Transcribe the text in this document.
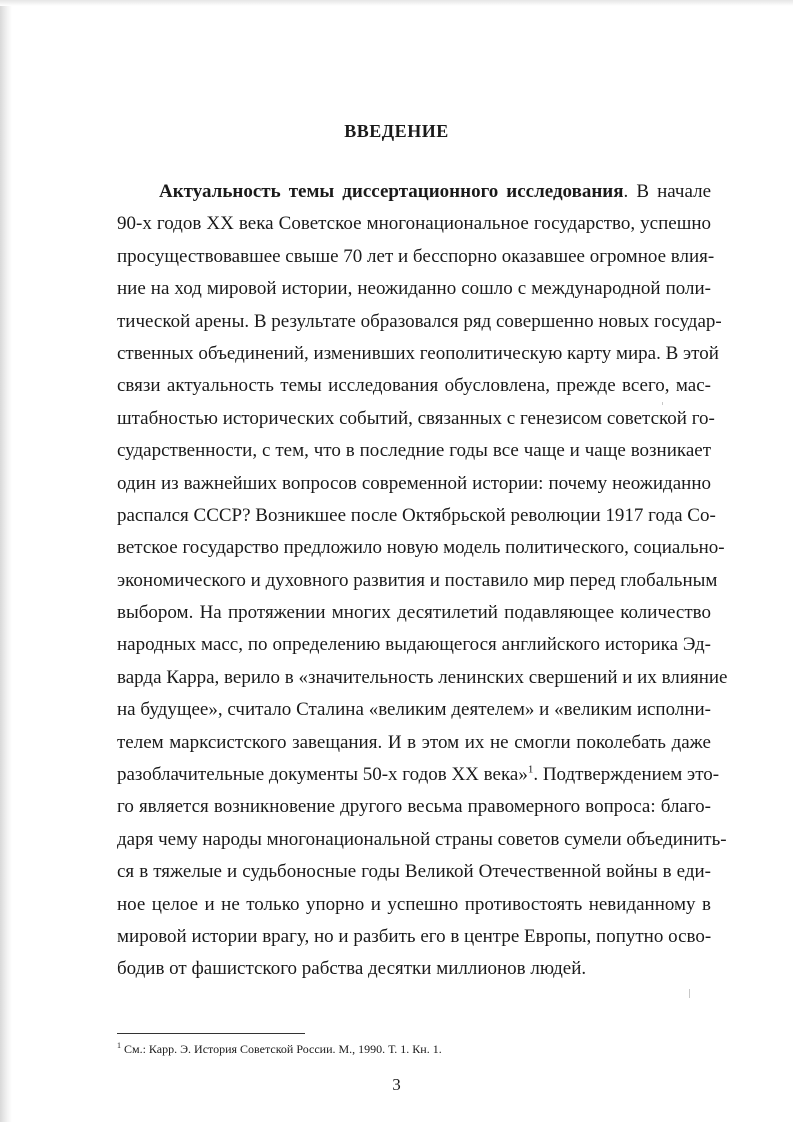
ВВЕДЕНИЕ
Актуальность темы диссертационного исследования. В начале
90-х годов XX века Советское многонациональное государство, успешно
просуществовавшее свыше 70 лет и бесспорно оказавшее огромное влия-
ние на ход мировой истории, неожиданно сошло с международной поли-
тической арены. В результате образовался ряд совершенно новых государ-
ственных объединений, изменивших геополитическую карту мира. В этой
связи актуальность темы исследования обусловлена, прежде всего, мас-
штабностью исторических событий, связанных с генезисом советской го-
сударственности, с тем, что в последние годы все чаще и чаще возникает
один из важнейших вопросов современной истории: почему неожиданно
распался СССР? Возникшее после Октябрьской революции 1917 года Со-
ветское государство предложило новую модель политического, социально-
экономического и духовного развития и поставило мир перед глобальным
выбором. На протяжении многих десятилетий подавляющее количество
народных масс, по определению выдающегося английского историка Эд-
варда Карра, верило в «значительность ленинских свершений и их влияние
на будущее», считало Сталина «великим деятелем» и «великим исполни-
телем марксистского завещания. И в этом их не смогли поколебать даже
разоблачительные документы 50-х годов XX века»$^1$. Подтверждением это-
го является возникновение другого весьма правомерного вопроса: благо-
даря чему народы многонациональной страны советов сумели объединить-
ся в тяжелые и судьбоносные годы Великой Отечественной войны в еди-
ное целое и не только упорно и успешно противостоять невиданному в
мировой истории врагу, но и разбить его в центре Европы, попутно осво-
бодив от фашистского рабства десятки миллионов людей.
$^1$ См.: Карр. Э. История Советской России. М., 1990. Т. 1. Кн. 1.
3
